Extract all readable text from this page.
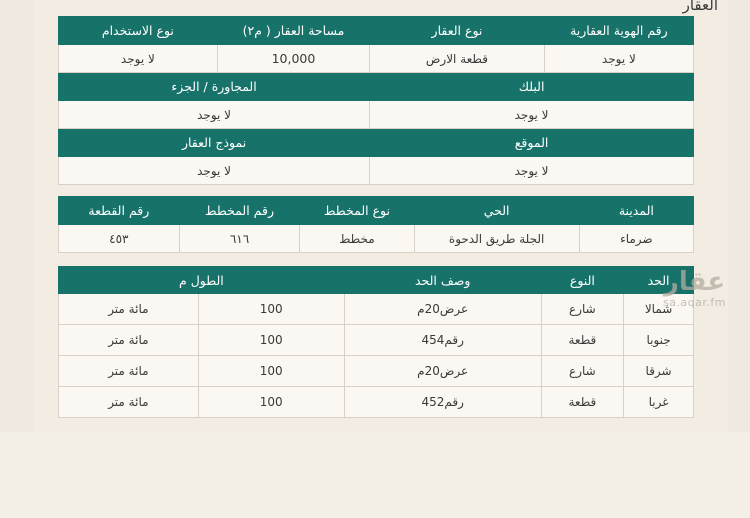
العقار
رقم الهوية العقارية	نوع العقار	مساحة العقار ( م٢)	نوع الاستخدام
لا يوجد	قطعة الارض	10,000	لا يوجد
البلك		المجاورة / الجزء	
لا يوجد		لا يوجد	
الموقع		نموذج العقار	
لا يوجد		لا يوجد	
المدينة	الحي	نوع المخطط	رقم المخطط	رقم القطعة
ضرماء	الجلة طريق الدحوة	مخطط	٦١٦	٤٥٣
الحد	النوع	وصف الحد	الطول م	
شمالا	شارع	عرض20م	100	مائة متر
جنوبا	قطعة	رقم454	100	مائة متر
شرقا	شارع	عرض20م	100	مائة متر
غربا	قطعة	رقم452	100	مائة متر
عقار
sa.aqar.fm
